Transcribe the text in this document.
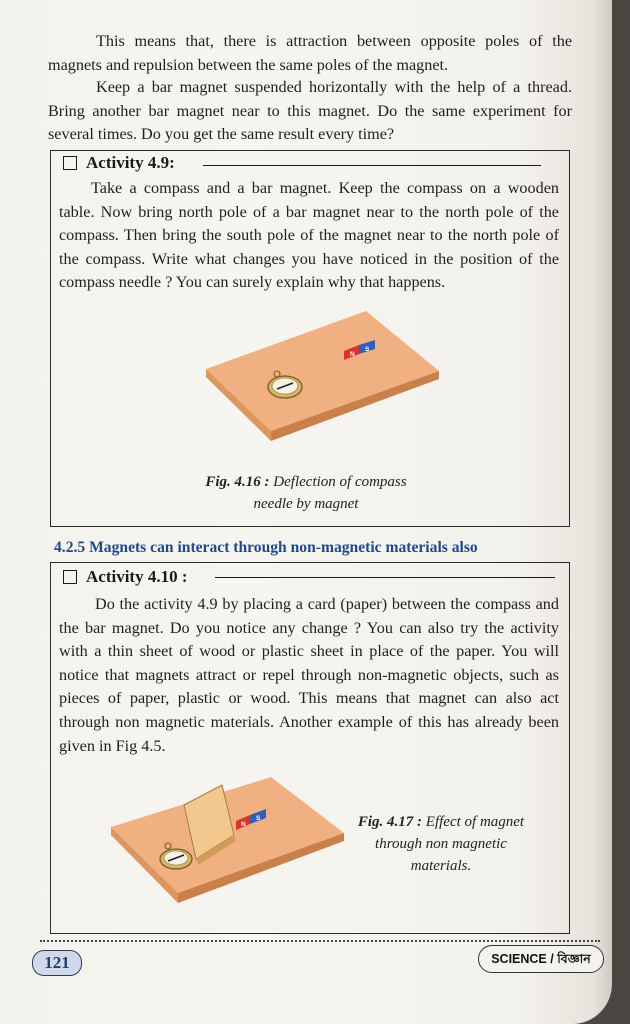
This means that, there is attraction between opposite poles of the magnets and repulsion between the same poles of the magnet.

Keep a bar magnet suspended horizontally with the help of a thread. Bring another bar magnet near to this magnet. Do the same experiment for several times. Do you get the same result every time?

Activity 4.9:

Take a compass and a bar magnet. Keep the compass on a wooden table. Now bring north pole of a bar magnet near to the north pole of the compass. Then bring the south pole of the magnet near to the north pole of the compass. Write what changes you have noticed in the position of the compass needle ? You can surely explain why that happens.

N
S

Fig. 4.16 : Deflection of compass
needle by magnet

4.2.5 Magnets can interact through non-magnetic materials also
Activity 4.10 :

Do the activity 4.9 by placing a card (paper) between the compass and the bar magnet. Do you notice any change ? You can also try the activity with a thin sheet of wood or plastic sheet in place of the paper. You will notice that magnets attract or repel through non-magnetic objects, such as pieces of paper, plastic or wood. This means that magnet can also act through non magnetic materials. Another example of this has already been given in Fig 4.5.

N
S	Fig. 4.17 : Effect of magnet
through non magnetic
materials.

121	SCIENCE / বিজ্ঞান
